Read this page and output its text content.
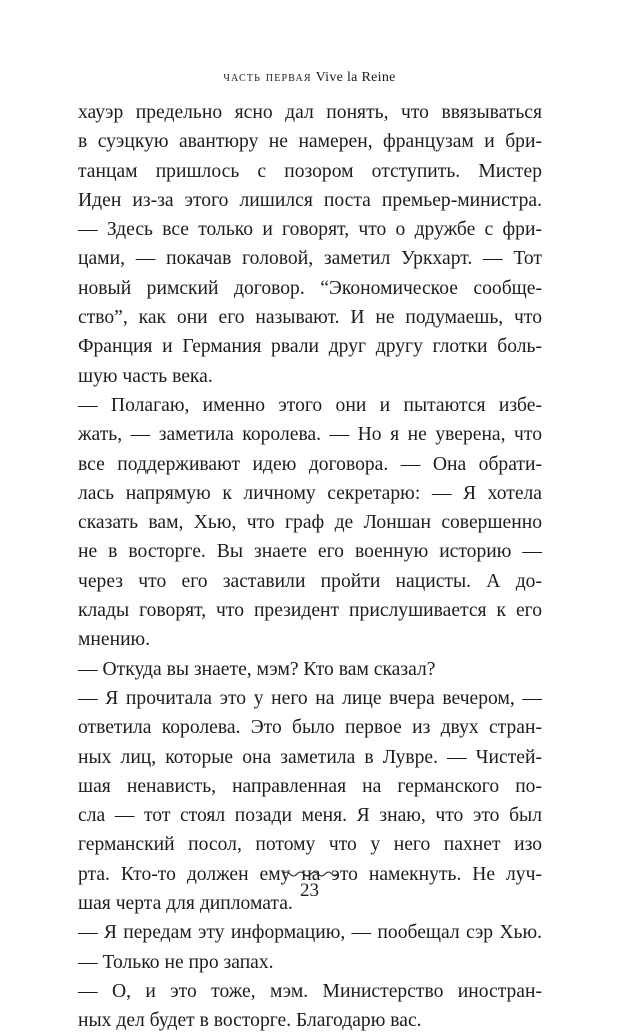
часть первая Vive la Reine
хауэр предельно ясно дал понять, что ввязываться
в суэцкую авантюру не намерен, французам и бри-
танцам пришлось с позором отступить. Мистер
Иден из-за этого лишился поста премьер-министра.
— Здесь все только и говорят, что о дружбе с фри-
цами, — покачав головой, заметил Уркхарт. — Тот
новый римский договор. “Экономическое сообще-
ство”, как они его называют. И не подумаешь, что
Франция и Германия рвали друг другу глотки боль-
шую часть века.
— Полагаю, именно этого они и пытаются избе-
жать, — заметила королева. — Но я не уверена, что
все поддерживают идею договора. — Она обрати-
лась напрямую к личному секретарю: — Я хотела
сказать вам, Хью, что граф де Лоншан совершенно
не в восторге. Вы знаете его военную историю —
через что его заставили пройти нацисты. А до-
клады говорят, что президент прислушивается к его
мнению.
— Откуда вы знаете, мэм? Кто вам сказал?
— Я прочитала это у него на лице вчера вечером, —
ответила королева. Это было первое из двух стран-
ных лиц, которые она заметила в Лувре. — Чистей-
шая ненависть, направленная на германского по-
сла — тот стоял позади меня. Я знаю, что это был
германский посол, потому что у него пахнет изо
рта. Кто-то должен ему на это намекнуть. Не луч-
шая черта для дипломата.
— Я передам эту информацию, — пообещал сэр Хью.
— Только не про запах.
— О, и это тоже, мэм. Министерство иностран-
ных дел будет в восторге. Благодарю вас.
23
